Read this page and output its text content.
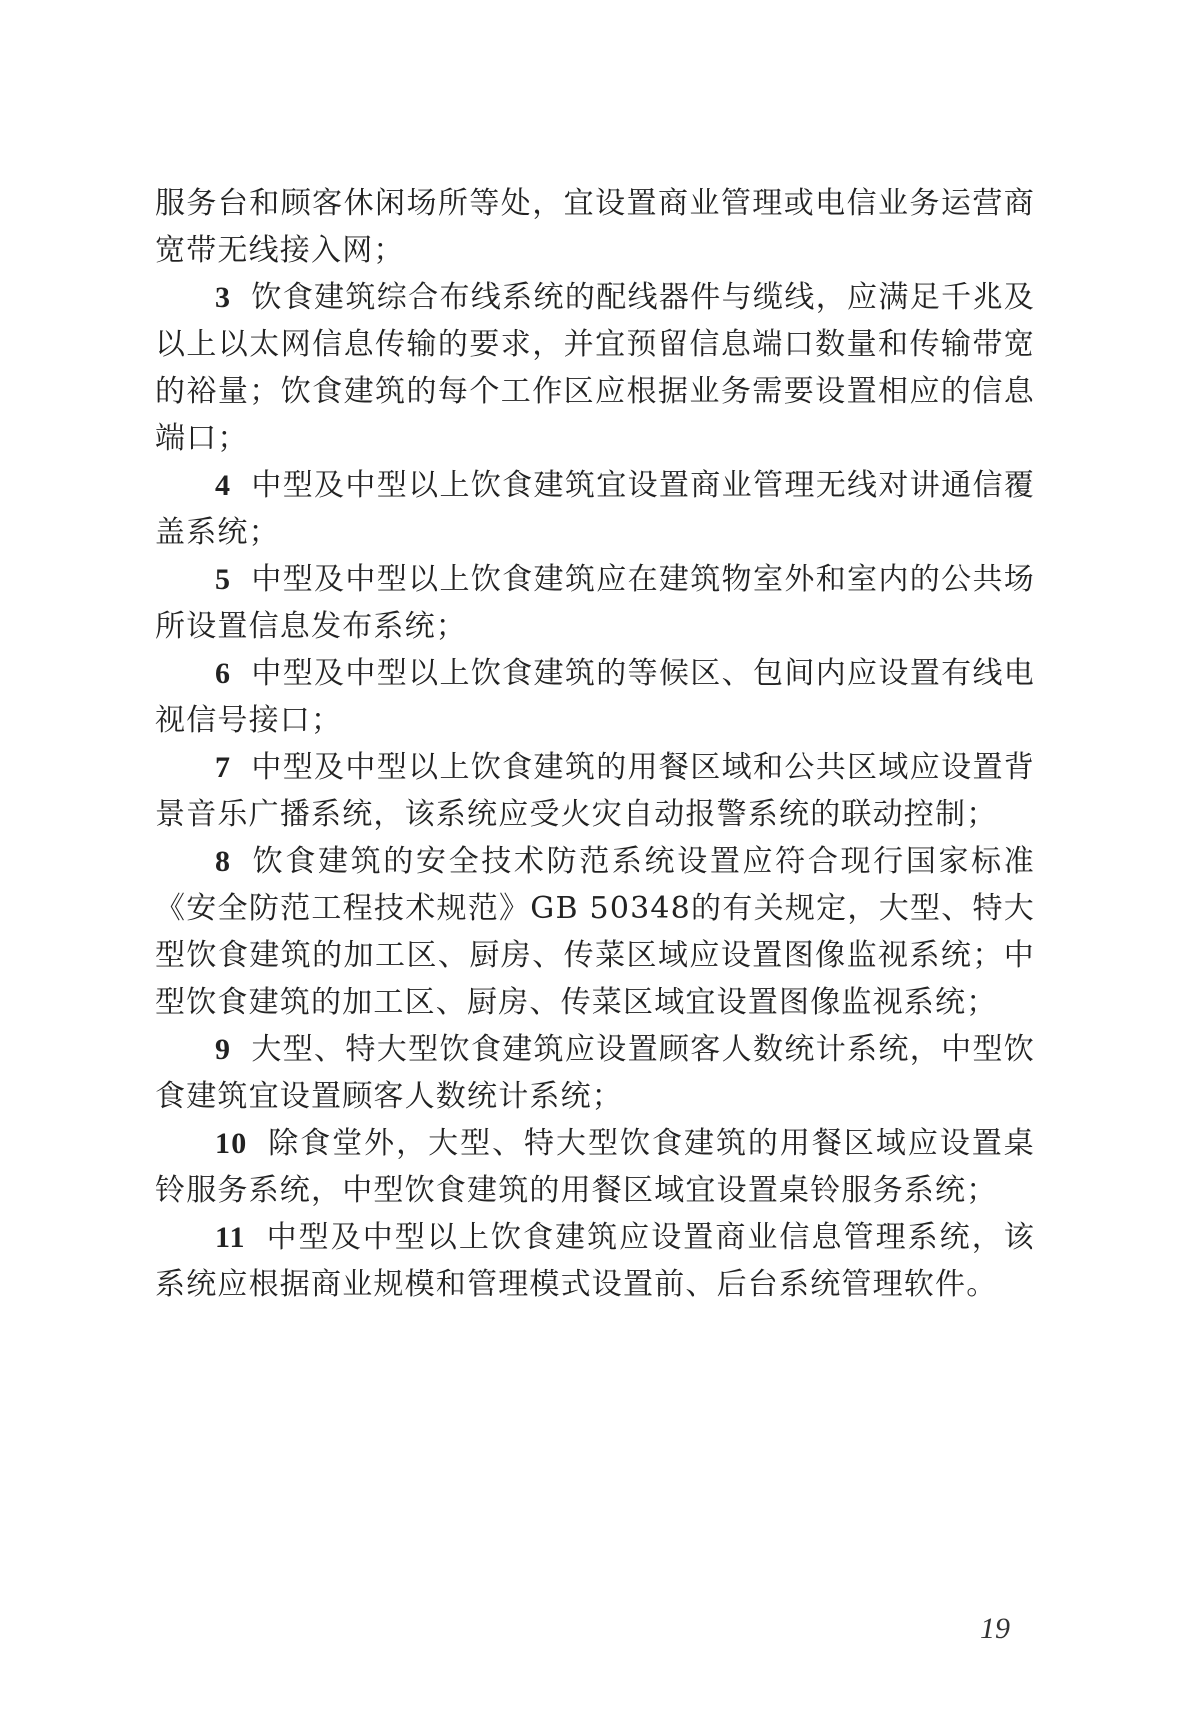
服务台和顾客休闲场所等处，宜设置商业管理或电信业务运营商宽带无线接入网；

3 饮食建筑综合布线系统的配线器件与缆线，应满足千兆及以上以太网信息传输的要求，并宜预留信息端口数量和传输带宽的裕量；饮食建筑的每个工作区应根据业务需要设置相应的信息端口；

4 中型及中型以上饮食建筑宜设置商业管理无线对讲通信覆盖系统；

5 中型及中型以上饮食建筑应在建筑物室外和室内的公共场所设置信息发布系统；

6 中型及中型以上饮食建筑的等候区、包间内应设置有线电视信号接口；

7 中型及中型以上饮食建筑的用餐区域和公共区域应设置背景音乐广播系统，该系统应受火灾自动报警系统的联动控制；

8 饮食建筑的安全技术防范系统设置应符合现行国家标准《安全防范工程技术规范》GB 50348的有关规定，大型、特大型饮食建筑的加工区、厨房、传菜区域应设置图像监视系统；中型饮食建筑的加工区、厨房、传菜区域宜设置图像监视系统；

9 大型、特大型饮食建筑应设置顾客人数统计系统，中型饮食建筑宜设置顾客人数统计系统；

10 除食堂外，大型、特大型饮食建筑的用餐区域应设置桌铃服务系统，中型饮食建筑的用餐区域宜设置桌铃服务系统；

11 中型及中型以上饮食建筑应设置商业信息管理系统，该系统应根据商业规模和管理模式设置前、后台系统管理软件。

19
